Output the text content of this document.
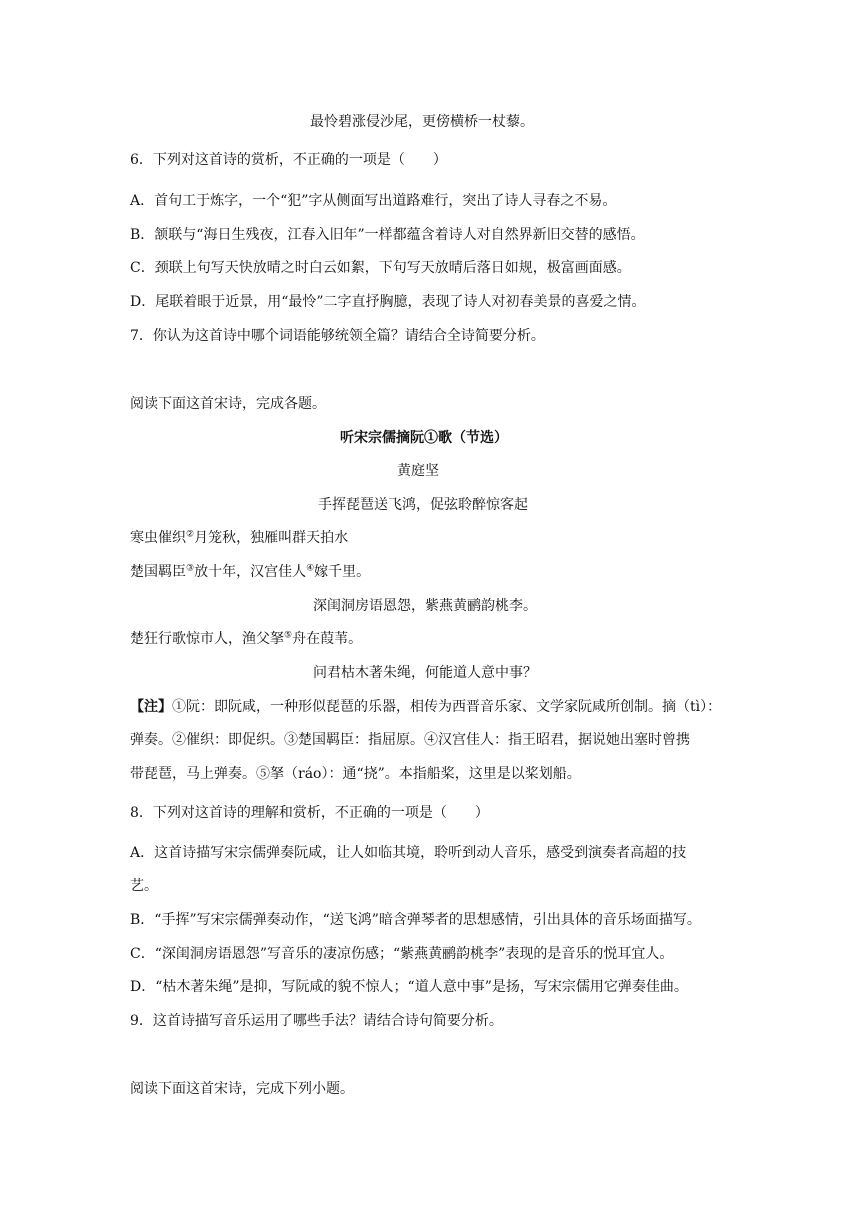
最怜碧涨侵沙尾，更傍横桥一杖藜。
6．下列对这首诗的赏析，不正确的一项是（　　）
A．首句工于炼字，一个“犯”字从侧面写出道路难行，突出了诗人寻春之不易。
B．颔联与“海日生残夜，江春入旧年”一样都蕴含着诗人对自然界新旧交替的感悟。
C．颈联上句写天快放晴之时白云如絮，下句写天放晴后落日如规，极富画面感。
D．尾联着眼于近景，用“最怜”二字直抒胸臆，表现了诗人对初春美景的喜爱之情。
7．你认为这首诗中哪个词语能够统领全篇？请结合全诗简要分析。
阅读下面这首宋诗，完成各题。
听宋宗儒摘阮①歌（节选）
黄庭坚
手挥琵琶送飞鸿，促弦聆醉惊客起
寒虫催织②月笼秋，独雁叫群天拍水
楚国羁臣③放十年，汉宫佳人④嫁千里。
深闺洞房语恩怨，紫燕黄鹂韵桃李。
楚狂行歌惊市人，渔父拏⑤舟在葭苇。
问君枯木著朱绳，何能道人意中事？
【注】①阮：即阮咸，一种形似琵琶的乐器，相传为西晋音乐家、文学家阮咸所创制。摘（tì）：
弹奏。②催织：即促织。③楚国羁臣：指屈原。④汉宫佳人：指王昭君，据说她出塞时曾携
带琵琶，马上弹奏。⑤拏（ráo）：通“挠”。本指船桨，这里是以桨划船。
8．下列对这首诗的理解和赏析，不正确的一项是（　　）
A．这首诗描写宋宗儒弹奏阮咸，让人如临其境，聆听到动人音乐，感受到演奏者高超的技
艺。
B．“手挥”写宋宗儒弹奏动作，“送飞鸿”暗含弹琴者的思想感情，引出具体的音乐场面描写。
C．“深闺洞房语恩怨”写音乐的凄凉伤感；“紫燕黄鹂韵桃李”表现的是音乐的悦耳宜人。
D．“枯木著朱绳”是抑，写阮咸的貌不惊人；“道人意中事”是扬，写宋宗儒用它弹奏佳曲。
9．这首诗描写音乐运用了哪些手法？请结合诗句简要分析。
阅读下面这首宋诗，完成下列小题。
